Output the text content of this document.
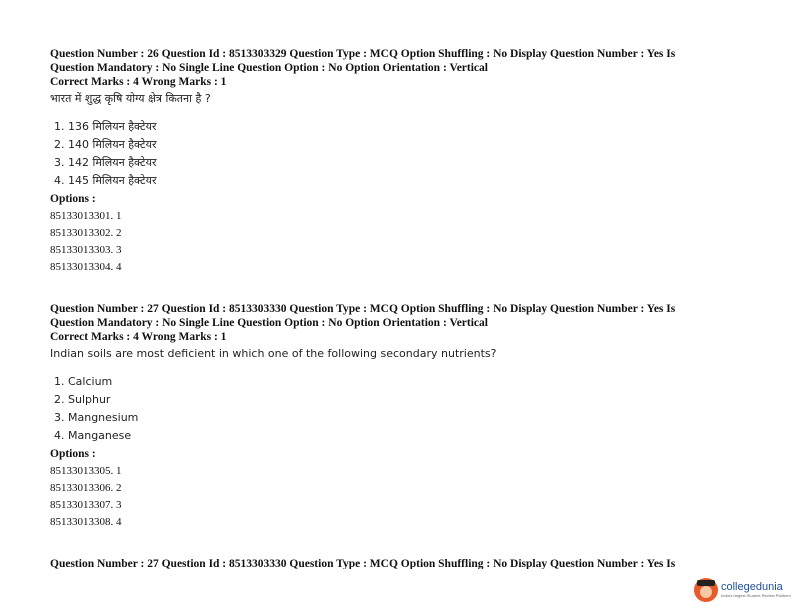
Question Number : 26 Question Id : 8513303329 Question Type : MCQ Option Shuffling : No Display Question Number : Yes Is

Question Mandatory : No Single Line Question Option : No Option Orientation : Vertical

Correct Marks : 4 Wrong Marks : 1

भारत में शुद्ध कृषि योग्य क्षेत्र कितना है ?

1. 136 मिलियन हैक्टेयर
2. 140 मिलियन हैक्टेयर
3. 142 मिलियन हैक्टेयर
4. 145 मिलियन हैक्टेयर

Options :

85133013301. 1
85133013302. 2
85133013303. 3
85133013304. 4

Question Number : 27 Question Id : 8513303330 Question Type : MCQ Option Shuffling : No Display Question Number : Yes Is

Question Mandatory : No Single Line Question Option : No Option Orientation : Vertical

Correct Marks : 4 Wrong Marks : 1

Indian soils are most deficient in which one of the following secondary nutrients?

1. Calcium
2. Sulphur
3. Mangnesium
4. Manganese

Options :

85133013305. 1
85133013306. 2
85133013307. 3
85133013308. 4
Question Number : 27 Question Id : 8513303330 Question Type : MCQ Option Shuffling : No Display Question Number : Yes Is
collegedunia
India's largest Student Review Platform
